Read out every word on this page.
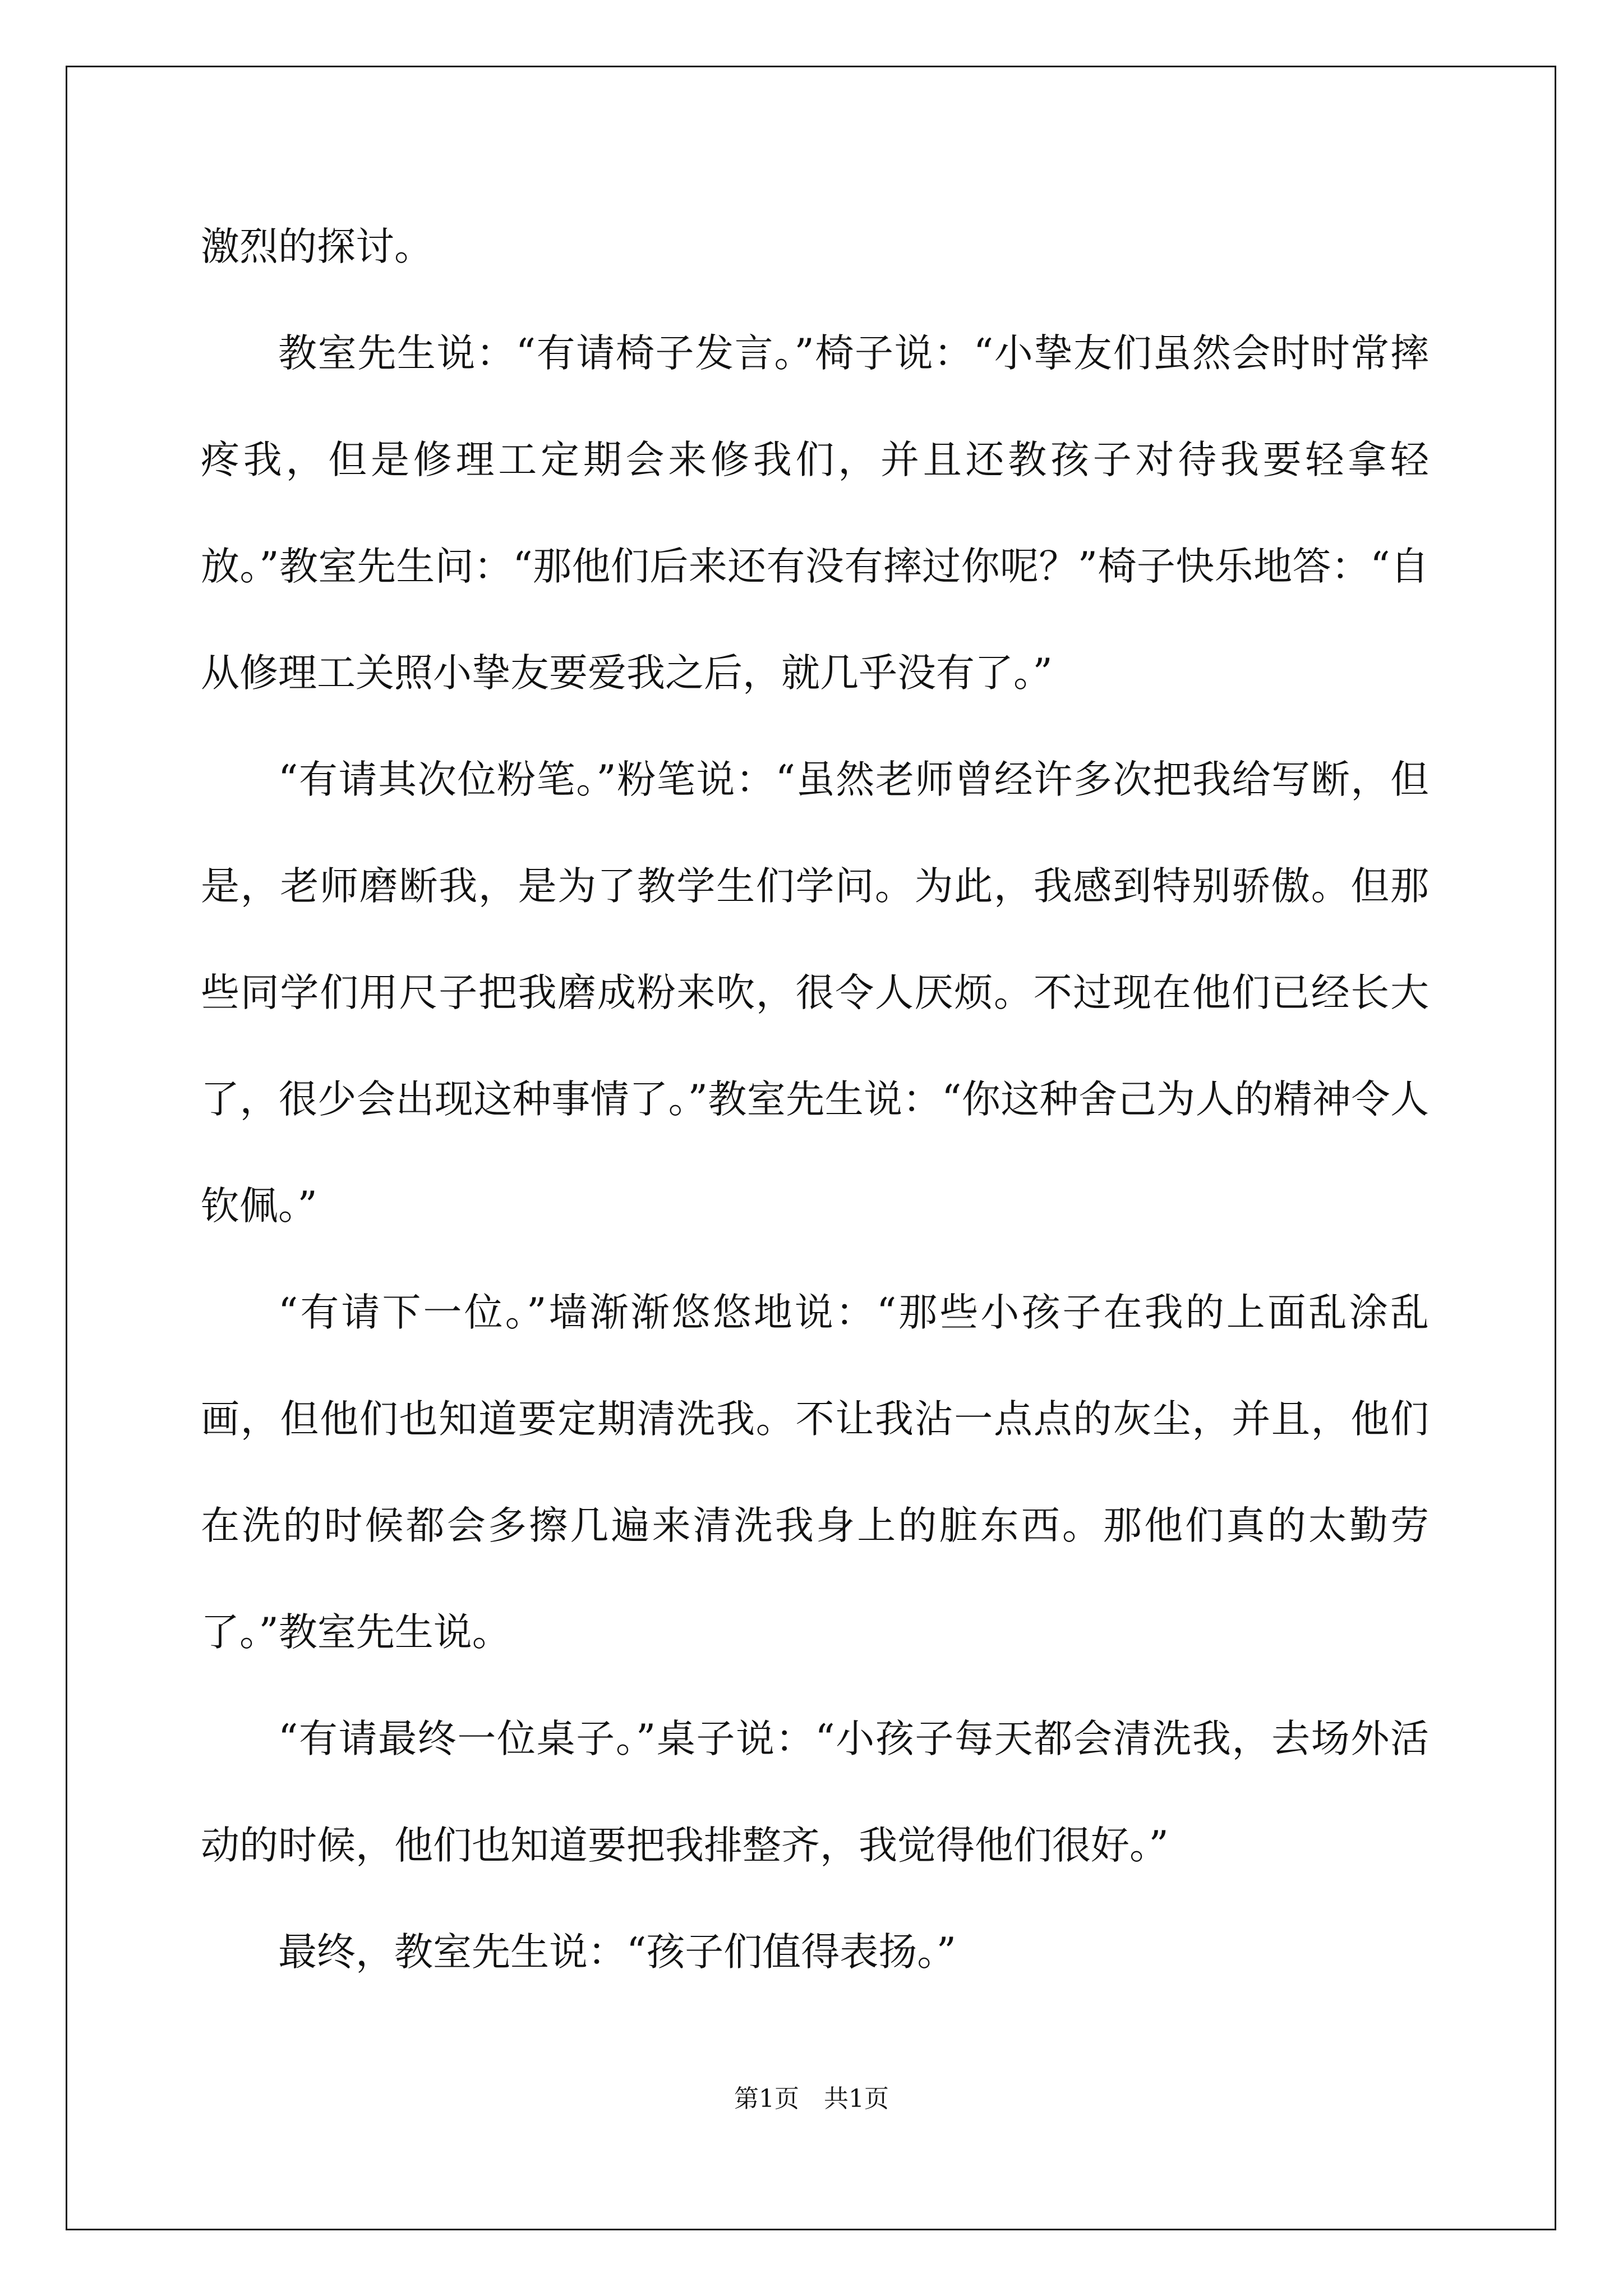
激烈的探讨。

教室先生说：“有请椅子发言。”椅子说：“小挚友们虽然会时时常摔疼我，但是修理工定期会来修我们，并且还教孩子对待我要轻拿轻放。”教室先生问：“那他们后来还有没有摔过你呢？”椅子快乐地答：“自从修理工关照小挚友要爱我之后，就几乎没有了。”

“有请其次位粉笔。”粉笔说：“虽然老师曾经许多次把我给写断，但是，老师磨断我，是为了教学生们学问。为此，我感到特别骄傲。但那些同学们用尺子把我磨成粉来吹，很令人厌烦。不过现在他们已经长大了，很少会出现这种事情了。”教室先生说：“你这种舍己为人的精神令人钦佩。”

“有请下一位。”墙渐渐悠悠地说：“那些小孩子在我的上面乱涂乱画，但他们也知道要定期清洗我。不让我沾一点点的灰尘，并且，他们在洗的时候都会多擦几遍来清洗我身上的脏东西。那他们真的太勤劳了。”教室先生说。

“有请最终一位桌子。”桌子说：“小孩子每天都会清洗我，去场外活动的时候，他们也知道要把我排整齐，我觉得他们很好。”

最终，教室先生说：“孩子们值得表扬。”

第1页　共1页
